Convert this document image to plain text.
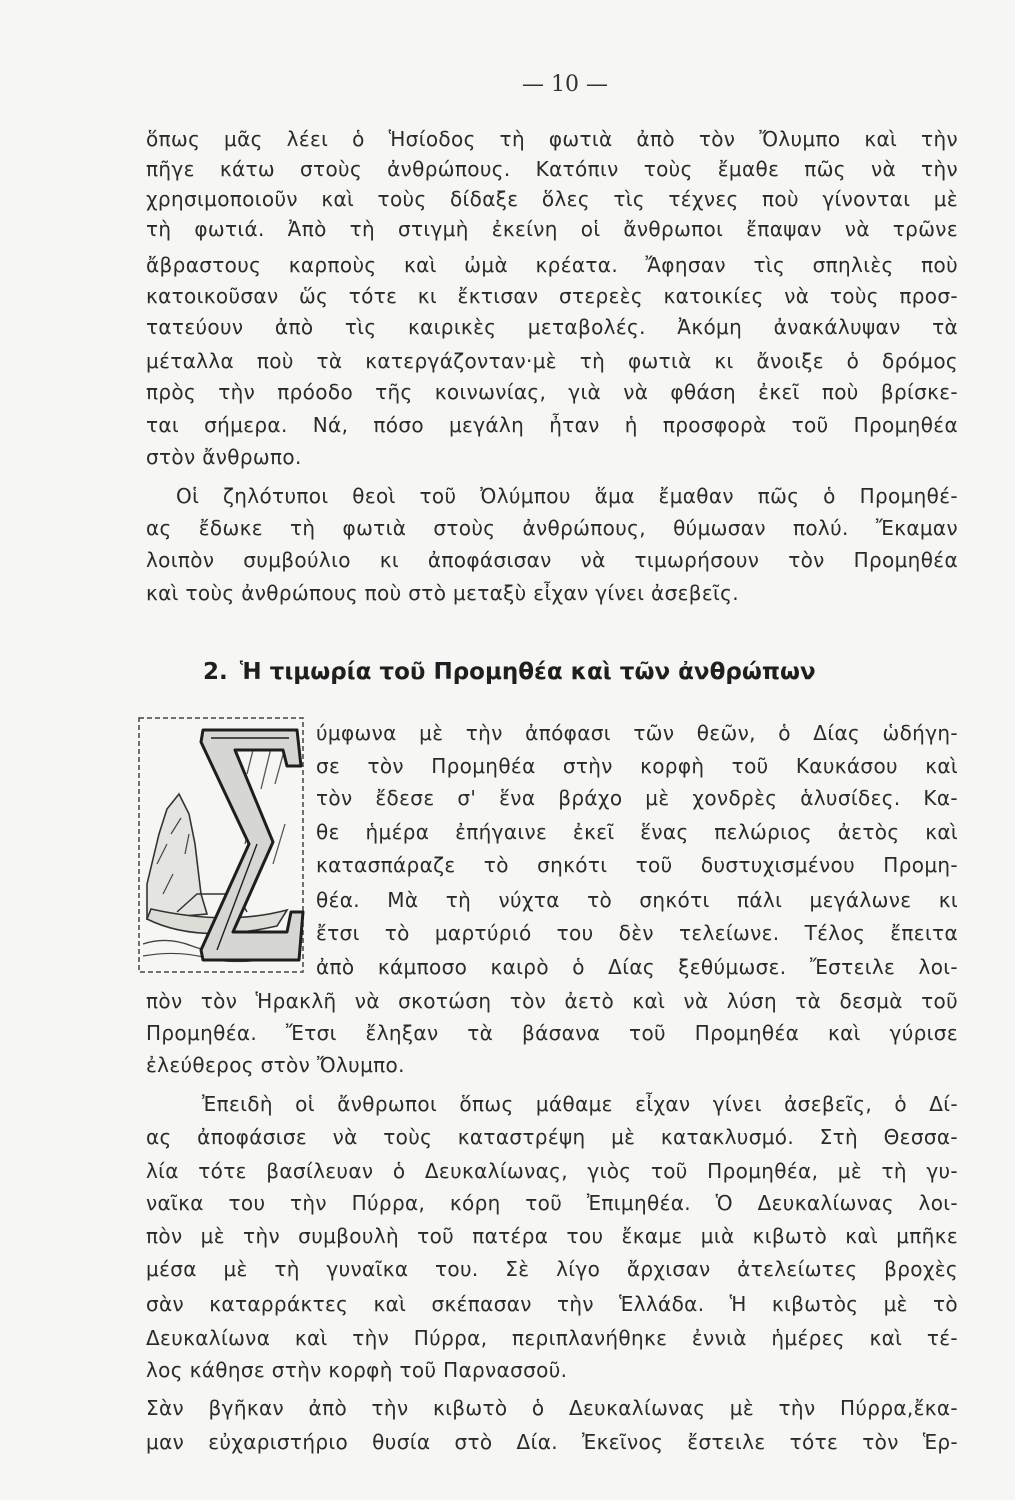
— 10 —
ὅπως μᾶς λέει ὁ Ἡσίοδος τὴ φωτιὰ ἀπὸ τὸν Ὄλυμπο καὶ τὴν
πῆγε κάτω στοὺς ἀνθρώπους. Κατόπιν τοὺς ἔμαθε πῶς νὰ τὴν
χρησιμοποιοῦν καὶ τοὺς δίδαξε ὅλες τὶς τέχνες ποὺ γίνονται μὲ
τὴ φωτιά. Ἀπὸ τὴ στιγμὴ ἐκείνη οἱ ἄνθρωποι ἔπαψαν νὰ τρῶνε
ἄβραστους καρποὺς καὶ ὠμὰ κρέατα. Ἄφησαν τὶς σπηλιὲς ποὺ
κατοικοῦσαν ὥς τότε κι ἔκτισαν στερεὲς κατοικίες νὰ τοὺς προσ-
τατεύουν ἀπὸ τὶς καιρικὲς μεταβολές. Ἀκόμη ἀνακάλυψαν τὰ
μέταλλα ποὺ τὰ κατεργάζονταν·μὲ τὴ φωτιὰ κι ἄνοιξε ὁ δρόμος
πρὸς τὴν πρόοδο τῆς κοινωνίας, γιὰ νὰ φθάση ἐκεῖ ποὺ βρίσκε-
ται σήμερα. Νά, πόσο μεγάλη ἦταν ἡ προσφορὰ τοῦ Προμηθέα
στὸν ἄνθρωπο.
Οἱ ζηλότυποι θεοὶ τοῦ Ὀλύμπου ἅμα ἔμαθαν πῶς ὁ Προμηθέ-
ας ἔδωκε τὴ φωτιὰ στοὺς ἀνθρώπους, θύμωσαν πολύ. Ἔκαμαν
λοιπὸν συμβούλιο κι ἀποφάσισαν νὰ τιμωρήσουν τὸν Προμηθέα
καὶ τοὺς ἀνθρώπους ποὺ στὸ μεταξὺ εἶχαν γίνει ἀσεβεῖς.
2. Ἡ τιμωρία τοῦ Προμηθέα καὶ τῶν ἀνθρώπων
ύμφωνα μὲ τὴν ἀπόφασι τῶν θεῶν, ὁ Δίας ὡδήγη-
σε τὸν Προμηθέα στὴν κορφὴ τοῦ Καυκάσου καὶ
τὸν ἔδεσε σ' ἕνα βράχο μὲ χονδρὲς ἁλυσίδες. Κα-
θε ἡμέρα ἐπήγαινε ἐκεῖ ἕνας πελώριος ἀετὸς καὶ
κατασπάραζε τὸ σηκότι τοῦ δυστυχισμένου Προμη-
θέα. Μὰ τὴ νύχτα τὸ σηκότι πάλι μεγάλωνε κι
ἔτσι τὸ μαρτύριό του δὲν τελείωνε. Τέλος ἔπειτα
ἀπὸ κάμποσο καιρὸ ὁ Δίας ξεθύμωσε. Ἔστειλε λοι-
πὸν τὸν Ἡρακλῆ νὰ σκοτώση τὸν ἀετὸ καὶ νὰ λύση τὰ δεσμὰ τοῦ
Προμηθέα. Ἔτσι ἔληξαν τὰ βάσανα τοῦ Προμηθέα καὶ γύρισε
ἐλεύθερος στὸν Ὄλυμπο.
Ἐπειδὴ οἱ ἄνθρωποι ὅπως μάθαμε εἶχαν γίνει ἀσεβεῖς, ὁ Δί-
ας ἀποφάσισε νὰ τοὺς καταστρέψη μὲ κατακλυσμό. Στὴ Θεσσα-
λία τότε βασίλευαν ὁ Δευκαλίωνας, γιὸς τοῦ Προμηθέα, μὲ τὴ γυ-
ναῖκα του τὴν Πύρρα, κόρη τοῦ Ἐπιμηθέα. Ὁ Δευκαλίωνας λοι-
πὸν μὲ τὴν συμβουλὴ τοῦ πατέρα του ἔκαμε μιὰ κιβωτὸ καὶ μπῆκε
μέσα μὲ τὴ γυναῖκα του. Σὲ λίγο ἄρχισαν ἀτελείωτες βροχὲς
σὰν καταρράκτες καὶ σκέπασαν τὴν Ἑλλάδα. Ἡ κιβωτὸς μὲ τὸ
Δευκαλίωνα καὶ τὴν Πύρρα, περιπλανήθηκε ἐννιὰ ἡμέρες καὶ τέ-
λος κάθησε στὴν κορφὴ τοῦ Παρνασσοῦ.
Σὰν βγῆκαν ἀπὸ τὴν κιβωτὸ ὁ Δευκαλίωνας μὲ τὴν Πύρρα,ἔκα-
μαν εὐχαριστήριο θυσία στὸ Δία. Ἐκεῖνος ἔστειλε τότε τὸν Ἑρ-
